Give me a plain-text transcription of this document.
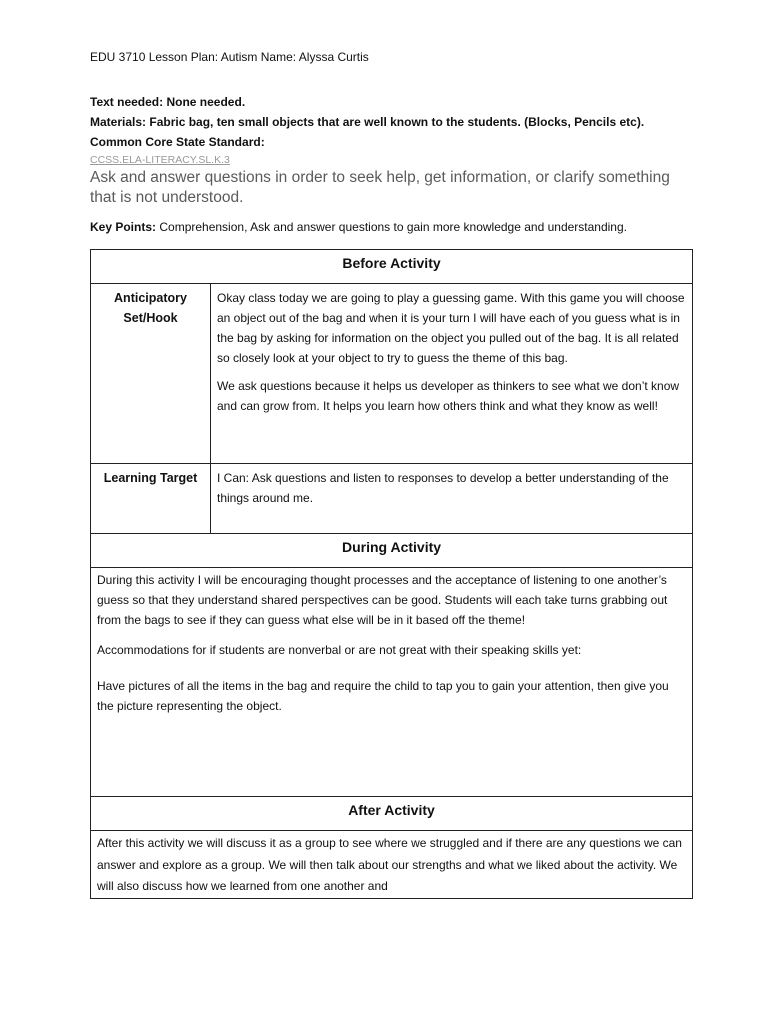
EDU 3710 Lesson Plan: Autism Name: Alyssa Curtis
Text needed: None needed.
Materials: Fabric bag, ten small objects that are well known to the students. (Blocks, Pencils etc).
Common Core State Standard:
CCSS.ELA-LITERACY.SL.K.3
Ask and answer questions in order to seek help, get information, or clarify something that is not understood.
Key Points: Comprehension, Ask and answer questions to gain more knowledge and understanding.
Before Activity	
Anticipatory Set/Hook	Okay class today we are going to play a guessing game. With this game you will choose an object out of the bag and when it is your turn I will have each of you guess what is in the bag by asking for information on the object you pulled out of the bag. It is all related so closely look at your object to try to guess the theme of this bag.

We ask questions because it helps us developer as thinkers to see what we don’t know and can grow from. It helps you learn how others think and what they know as well!

Learning Target	I Can: Ask questions and listen to responses to develop a better understanding of the things around me.
During Activity	

During this activity I will be encouraging thought processes and the acceptance of listening to one another’s guess so that they understand shared perspectives can be good. Students will each take turns grabbing out from the bags to see if they can guess what else will be in it based off the theme!

Accommodations for if students are nonverbal or are not great with their speaking skills yet:

Have pictures of all the items in the bag and require the child to tap you to gain your attention, then give you the picture representing the object.	

After Activity	

After this activity we will discuss it as a group to see where we struggled and if there are any questions we can answer and explore as a group. We will then talk about our strengths and what we liked about the activity. We will also discuss how we learned from one another and	
